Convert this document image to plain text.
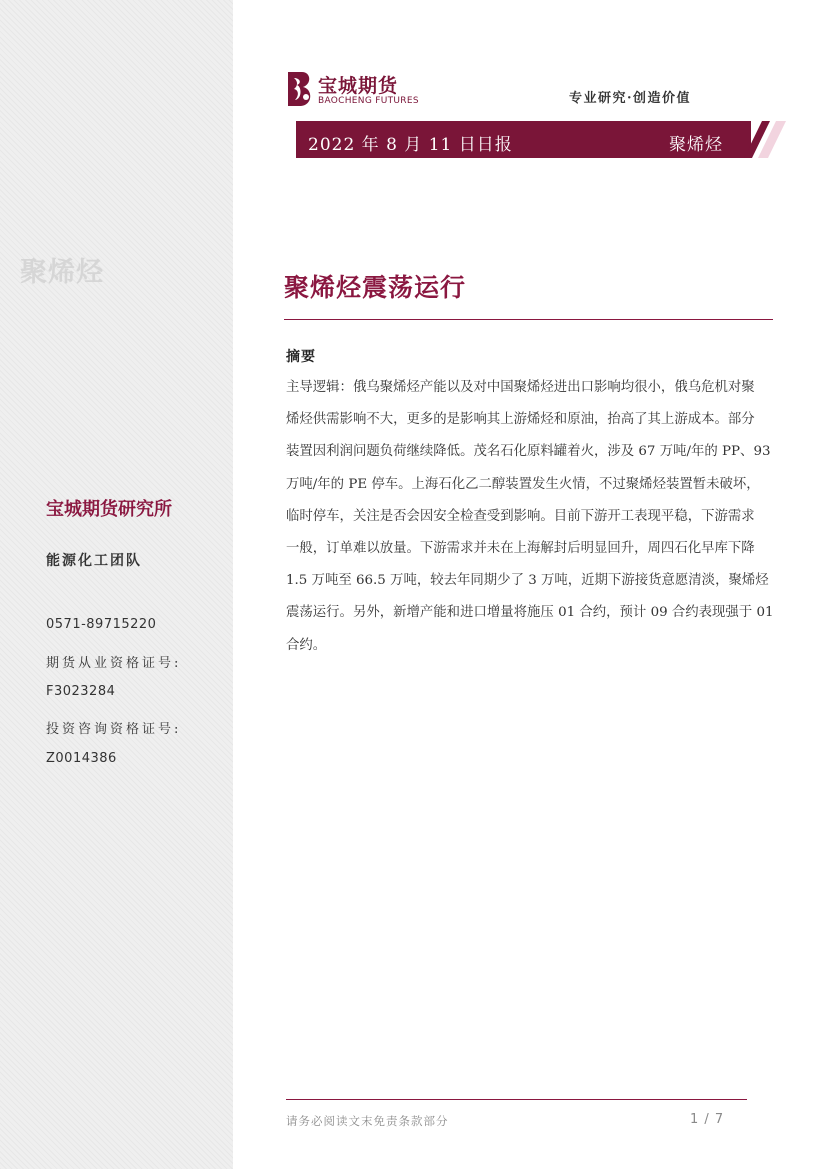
聚烯烃
宝城期货研究所
能源化工团队
0571-89715220
期货从业资格证号:
F3023284
投资咨询资格证号:
Z0014386
宝城期货
BAOCHENG FUTURES	专业研究·创造价值
2022 年 8 月 11 日日报	聚烯烃
聚烯烃震荡运行
摘要
主导逻辑：俄乌聚烯烃产能以及对中国聚烯烃进出口影响均很小，俄乌危机对聚
烯烃供需影响不大，更多的是影响其上游烯烃和原油，抬高了其上游成本。部分
装置因利润问题负荷继续降低。茂名石化原料罐着火，涉及 67 万吨/年的 PP、93
万吨/年的 PE 停车。上海石化乙二醇装置发生火情，不过聚烯烃装置暂未破坏，
临时停车，关注是否会因安全检查受到影响。目前下游开工表现平稳，下游需求
一般，订单难以放量。下游需求并未在上海解封后明显回升，周四石化早库下降
1.5 万吨至 66.5 万吨，较去年同期少了 3 万吨，近期下游接货意愿清淡，聚烯烃
震荡运行。另外，新增产能和进口增量将施压 01 合约，预计 09 合约表现强于 01
合约。
请务必阅读文末免责条款部分	1 / 7
